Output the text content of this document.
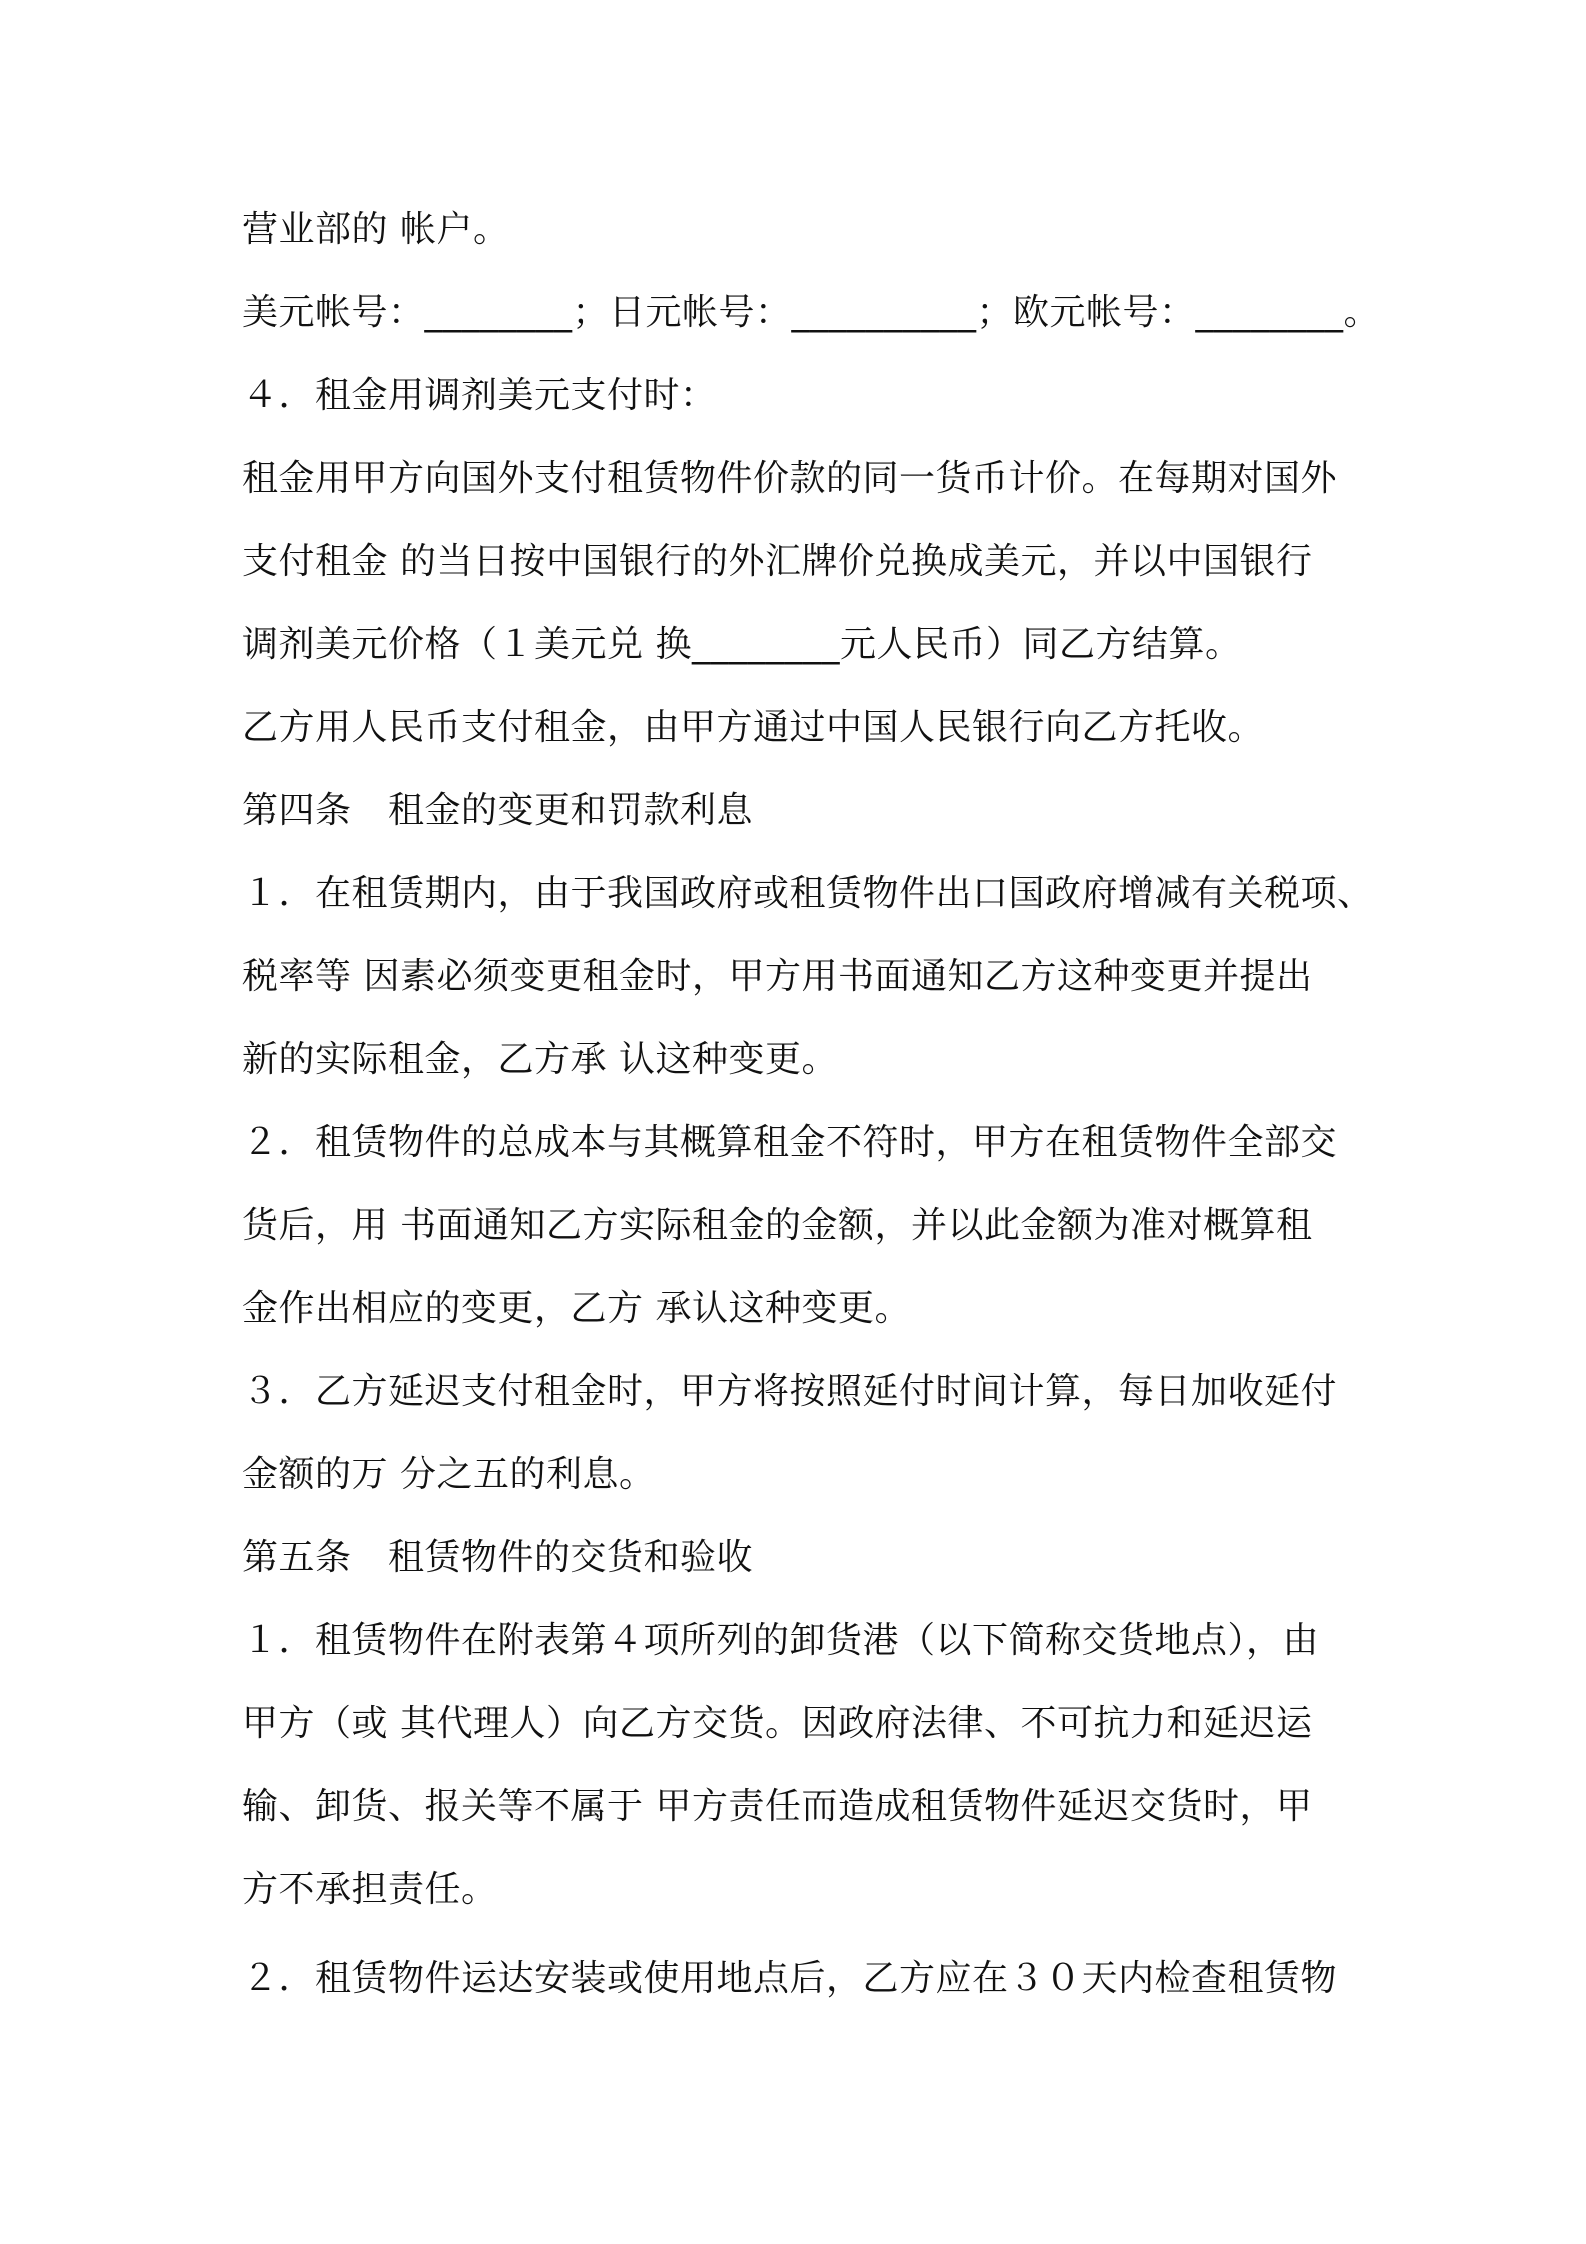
营业部的 帐户。
美元帐号：________；日元帐号：__________；欧元帐号：________。
４．租金用调剂美元支付时：
租金用甲方向国外支付租赁物件价款的同一货币计价。在每期对国外
支付租金 的当日按中国银行的外汇牌价兑换成美元，并以中国银行
调剂美元价格（１美元兑 换________元人民币）同乙方结算。
乙方用人民币支付租金，由甲方通过中国人民银行向乙方托收。
第四条　租金的变更和罚款利息
１．在租赁期内，由于我国政府或租赁物件出口国政府增减有关税项、
税率等 因素必须变更租金时，甲方用书面通知乙方这种变更并提出
新的实际租金，乙方承 认这种变更。
２．租赁物件的总成本与其概算租金不符时，甲方在租赁物件全部交
货后，用 书面通知乙方实际租金的金额，并以此金额为准对概算租
金作出相应的变更，乙方 承认这种变更。
３．乙方延迟支付租金时，甲方将按照延付时间计算，每日加收延付
金额的万 分之五的利息。
第五条　租赁物件的交货和验收
１．租赁物件在附表第４项所列的卸货港（以下简称交货地点），由
甲方（或 其代理人）向乙方交货。因政府法律、不可抗力和延迟运
输、卸货、报关等不属于 甲方责任而造成租赁物件延迟交货时，甲
方不承担责任。
２．租赁物件运达安装或使用地点后，乙方应在３０天内检查租赁物
